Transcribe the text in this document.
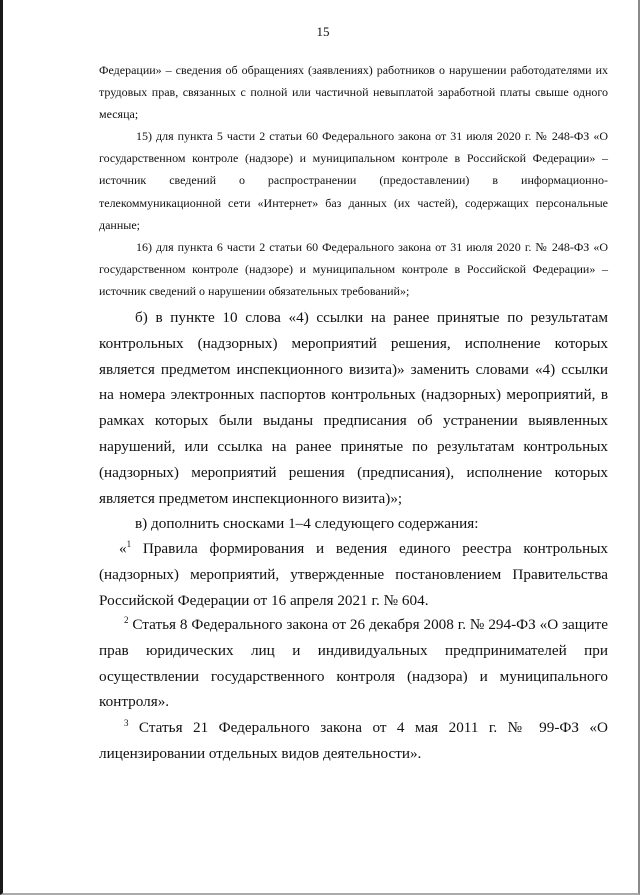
15

Федерации» – сведения об обращениях (заявлениях) работников о нарушении работодателями их трудовых прав, связанных с полной или частичной невыплатой заработной платы свыше одного месяца;

15) для пункта 5 части 2 статьи 60 Федерального закона от 31 июля 2020 г. № 248-ФЗ «О государственном контроле (надзоре) и муниципальном контроле в Российской Федерации» – источник сведений о распространении (предоставлении) в информационно-телекоммуникационной сети «Интернет» баз данных (их частей), содержащих персональные данные;

16) для пункта 6 части 2 статьи 60 Федерального закона от 31 июля 2020 г. № 248-ФЗ «О государственном контроле (надзоре) и муниципальном контроле в Российской Федерации» – источник сведений о нарушении обязательных требований»;

б) в пункте 10 слова «4) ссылки на ранее принятые по результатам контрольных (надзорных) мероприятий решения, исполнение которых является предметом инспекционного визита)» заменить словами «4) ссылки на номера электронных паспортов контрольных (надзорных) мероприятий, в рамках которых были выданы предписания об устранении выявленных нарушений, или ссылка на ранее принятые по результатам контрольных (надзорных) мероприятий решения (предписания), исполнение которых является предметом инспекционного визита)»;

в) дополнить сносками 1–4 следующего содержания:

«$^1$ Правила формирования и ведения единого реестра контрольных (надзорных) мероприятий, утвержденные постановлением Правительства Российской Федерации от 16 апреля 2021 г. № 604.

$^2$ Статья 8 Федерального закона от 26 декабря 2008 г. № 294-ФЗ «О защите прав юридических лиц и индивидуальных предпринимателей при осуществлении государственного контроля (надзора) и муниципального контроля».

$^3$ Статья 21 Федерального закона от 4 мая 2011 г. № 99-ФЗ «О лицензировании отдельных видов деятельности».
